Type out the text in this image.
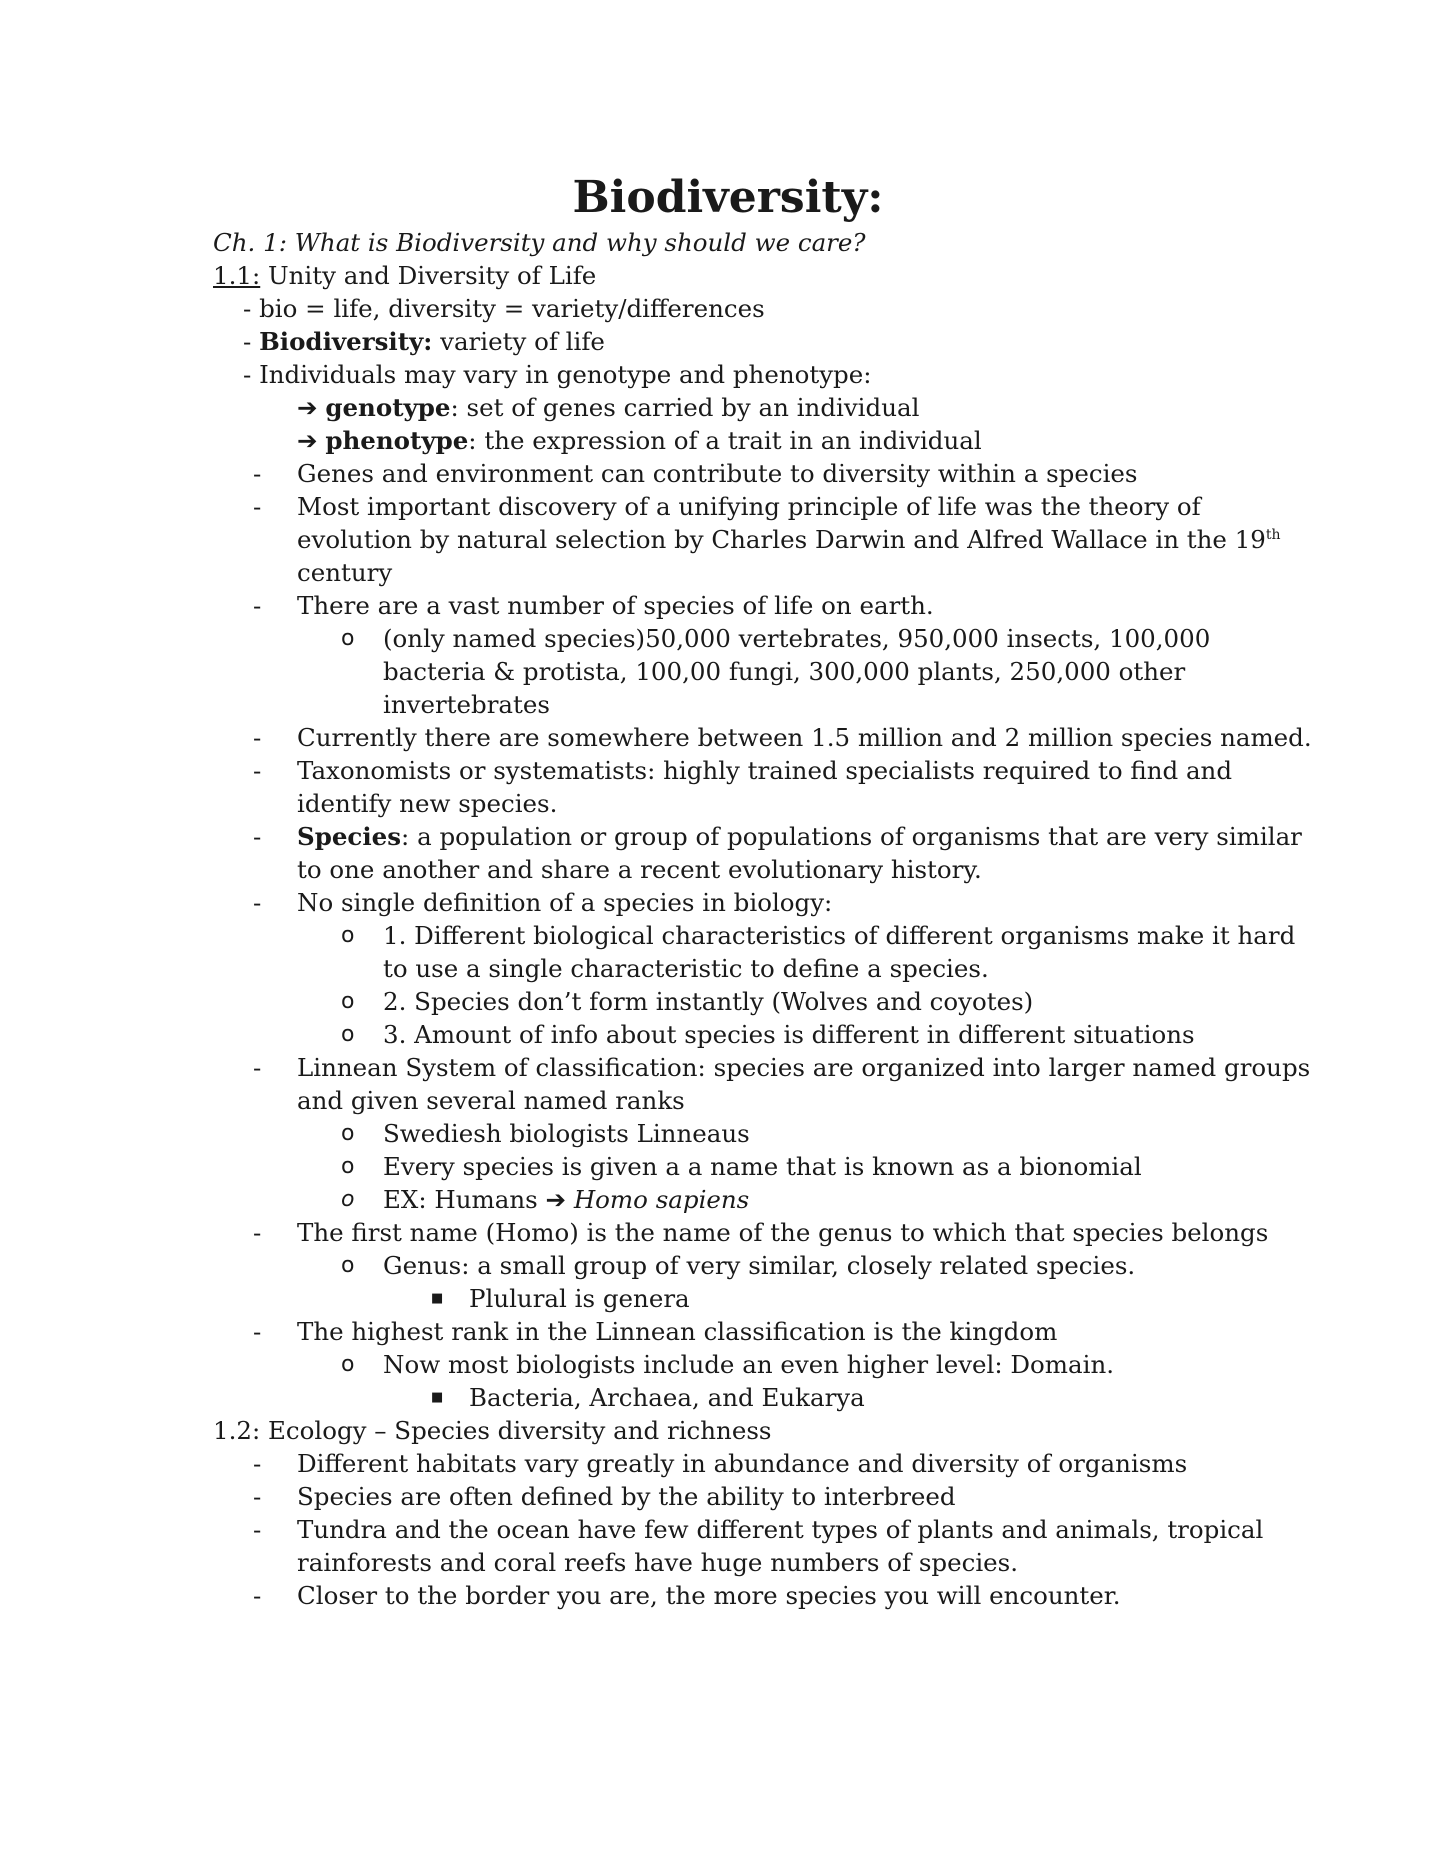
Biodiversity:
Ch. 1: What is Biodiversity and why should we care?
1.1: Unity and Diversity of Life
- bio = life, diversity = variety/differences
- Biodiversity: variety of life
- Individuals may vary in genotype and phenotype:
➔ genotype: set of genes carried by an individual
➔ phenotype: the expression of a trait in an individual
- Genes and environment can contribute to diversity within a species
- Most important discovery of a unifying principle of life was the theory of evolution by natural selection by Charles Darwin and Alfred Wallace in the 19th century
- There are a vast number of species of life on earth.
o (only named species)50,000 vertebrates, 950,000 insects, 100,000 bacteria & protista, 100,00 fungi, 300,000 plants, 250,000 other invertebrates
- Currently there are somewhere between 1.5 million and 2 million species named.
- Taxonomists or systematists: highly trained specialists required to find and identify new species.
- Species: a population or group of populations of organisms that are very similar to one another and share a recent evolutionary history.
- No single definition of a species in biology:
o 1. Different biological characteristics of different organisms make it hard to use a single characteristic to define a species.
o 2. Species don’t form instantly (Wolves and coyotes)
o 3. Amount of info about species is different in different situations
- Linnean System of classification: species are organized into larger named groups and given several named ranks
o Swediesh biologists Linneaus
o Every species is given a a name that is known as a bionomial
o EX: Humans ➔ Homo sapiens
- The first name (Homo) is the name of the genus to which that species belongs
o Genus: a small group of very similar, closely related species.
■ Plulural is genera
- The highest rank in the Linnean classification is the kingdom
o Now most biologists include an even higher level: Domain.
■ Bacteria, Archaea, and Eukarya
1.2: Ecology – Species diversity and richness
- Different habitats vary greatly in abundance and diversity of organisms
- Species are often defined by the ability to interbreed
- Tundra and the ocean have few different types of plants and animals, tropical rainforests and coral reefs have huge numbers of species.
- Closer to the border you are, the more species you will encounter.
